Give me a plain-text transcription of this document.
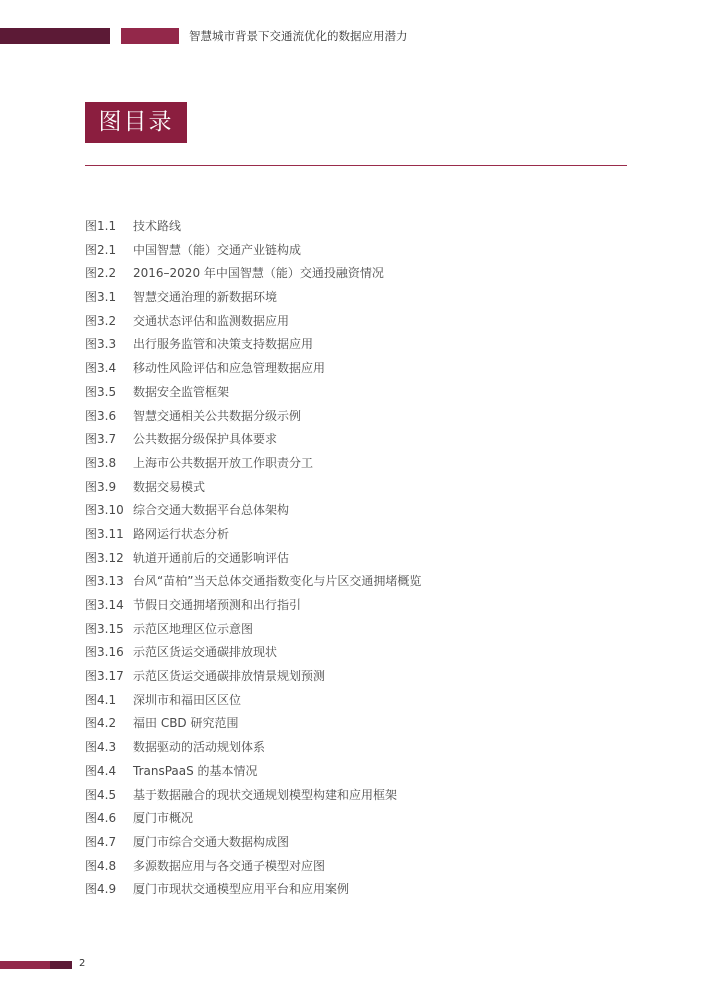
智慧城市背景下交通流优化的数据应用潜力
图目录
图1.1 技术路线
图2.1 中国智慧（能）交通产业链构成
图2.2 2016–2020 年中国智慧（能）交通投融资情况
图3.1 智慧交通治理的新数据环境
图3.2 交通状态评估和监测数据应用
图3.3 出行服务监管和决策支持数据应用
图3.4 移动性风险评估和应急管理数据应用
图3.5 数据安全监管框架
图3.6 智慧交通相关公共数据分级示例
图3.7 公共数据分级保护具体要求
图3.8 上海市公共数据开放工作职责分工
图3.9 数据交易模式
图3.10 综合交通大数据平台总体架构
图3.11 路网运行状态分析
图3.12 轨道开通前后的交通影响评估
图3.13 台风“苗柏”当天总体交通指数变化与片区交通拥堵概览
图3.14 节假日交通拥堵预测和出行指引
图3.15 示范区地理区位示意图
图3.16 示范区货运交通碳排放现状
图3.17 示范区货运交通碳排放情景规划预测
图4.1 深圳市和福田区区位
图4.2 福田 CBD 研究范围
图4.3 数据驱动的活动规划体系
图4.4 TransPaaS 的基本情况
图4.5 基于数据融合的现状交通规划模型构建和应用框架
图4.6 厦门市概况
图4.7 厦门市综合交通大数据构成图
图4.8 多源数据应用与各交通子模型对应图
图4.9 厦门市现状交通模型应用平台和应用案例
2
